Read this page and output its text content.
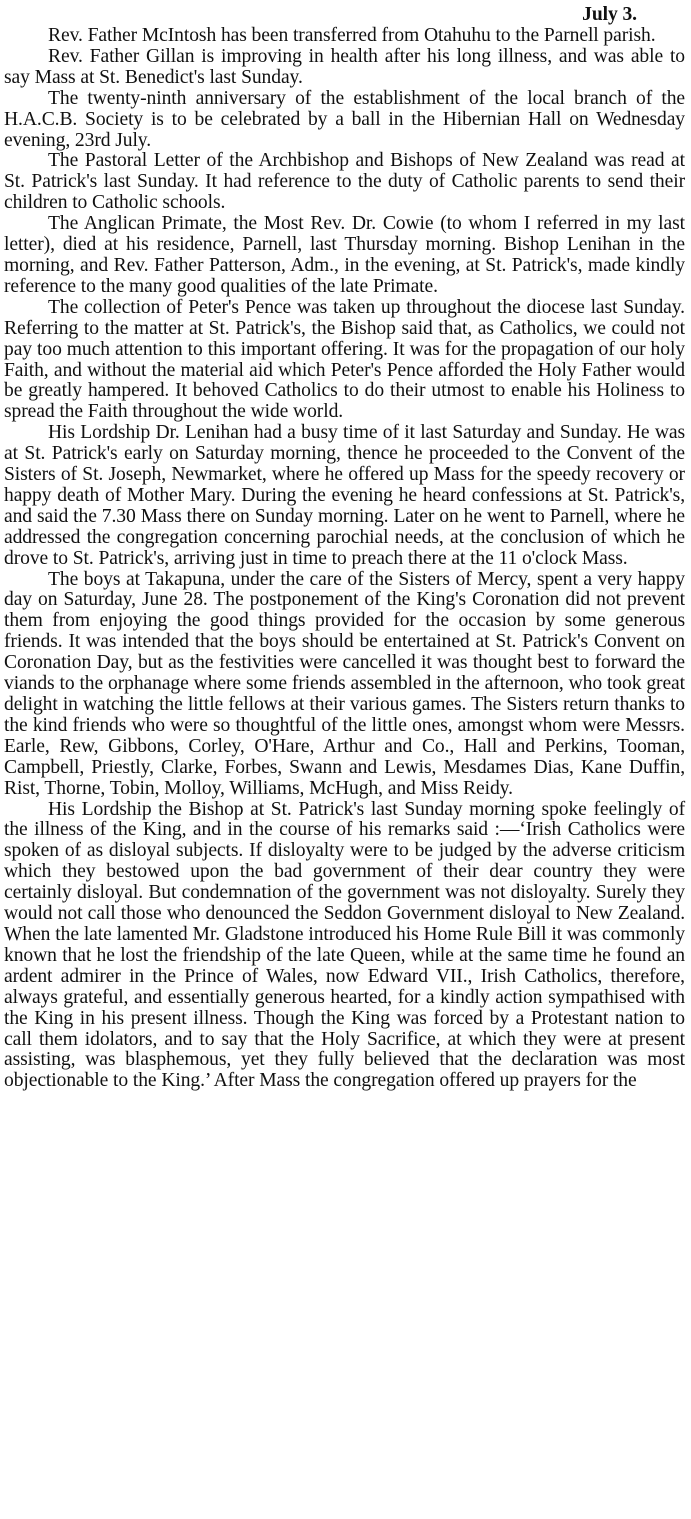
July 3.

Rev. Father McIntosh has been transferred from Otahuhu to the Parnell parish.

Rev. Father Gillan is improving in health after his long illness, and was able to say Mass at St. Benedict's last Sunday.

The twenty-ninth anniversary of the establishment of the local branch of the H.A.C.B. Society is to be celebrated by a ball in the Hibernian Hall on Wednesday evening, 23rd July.

The Pastoral Letter of the Archbishop and Bishops of New Zealand was read at St. Patrick's last Sunday. It had reference to the duty of Catholic parents to send their children to Catholic schools.

The Anglican Primate, the Most Rev. Dr. Cowie (to whom I referred in my last letter), died at his residence, Parnell, last Thursday morning. Bishop Lenihan in the morning, and Rev. Father Patterson, Adm., in the evening, at St. Patrick's, made kindly reference to the many good qualities of the late Primate.

The collection of Peter's Pence was taken up throughout the diocese last Sunday. Referring to the matter at St. Patrick's, the Bishop said that, as Catholics, we could not pay too much attention to this important offering. It was for the propagation of our holy Faith, and without the material aid which Peter's Pence afforded the Holy Father would be greatly hampered. It behoved Catholics to do their utmost to enable his Holiness to spread the Faith throughout the wide world.

His Lordship Dr. Lenihan had a busy time of it last Saturday and Sunday. He was at St. Patrick's early on Saturday morning, thence he proceeded to the Convent of the Sisters of St. Joseph, Newmarket, where he offered up Mass for the speedy recovery or happy death of Mother Mary. During the evening he heard confessions at St. Patrick's, and said the 7.30 Mass there on Sunday morning. Later on he went to Parnell, where he addressed the congregation concerning parochial needs, at the conclusion of which he drove to St. Patrick's, arriving just in time to preach there at the 11 o'clock Mass.

The boys at Takapuna, under the care of the Sisters of Mercy, spent a very happy day on Saturday, June 28. The postponement of the King's Coronation did not prevent them from enjoying the good things provided for the occasion by some generous friends. It was intended that the boys should be entertained at St. Patrick's Convent on Coronation Day, but as the festivities were cancelled it was thought best to forward the viands to the orphanage where some friends assembled in the afternoon, who took great delight in watching the little fellows at their various games. The Sisters return thanks to the kind friends who were so thoughtful of the little ones, amongst whom were Messrs. Earle, Rew, Gibbons, Corley, O'Hare, Arthur and Co., Hall and Perkins, Tooman, Campbell, Priestly, Clarke, Forbes, Swann and Lewis, Mesdames Dias, Kane Duffin, Rist, Thorne, Tobin, Molloy, Williams, McHugh, and Miss Reidy.

His Lordship the Bishop at St. Patrick's last Sunday morning spoke feelingly of the illness of the King, and in the course of his remarks said :—‘Irish Catholics were spoken of as disloyal subjects. If disloyalty were to be judged by the adverse criticism which they bestowed upon the bad government of their dear country they were certainly disloyal. But condemnation of the government was not disloyalty. Surely they would not call those who denounced the Seddon Government disloyal to New Zealand. When the late lamented Mr. Gladstone introduced his Home Rule Bill it was commonly known that he lost the friendship of the late Queen, while at the same time he found an ardent admirer in the Prince of Wales, now Edward VII., Irish Catholics, therefore, always grateful, and essentially generous hearted, for a kindly action sympathised with the King in his present illness. Though the King was forced by a Protestant nation to call them idolators, and to say that the Holy Sacrifice, at which they were at present assisting, was blasphemous, yet they fully believed that the declaration was most objectionable to the King.’ After Mass the congregation offered up prayers for the
